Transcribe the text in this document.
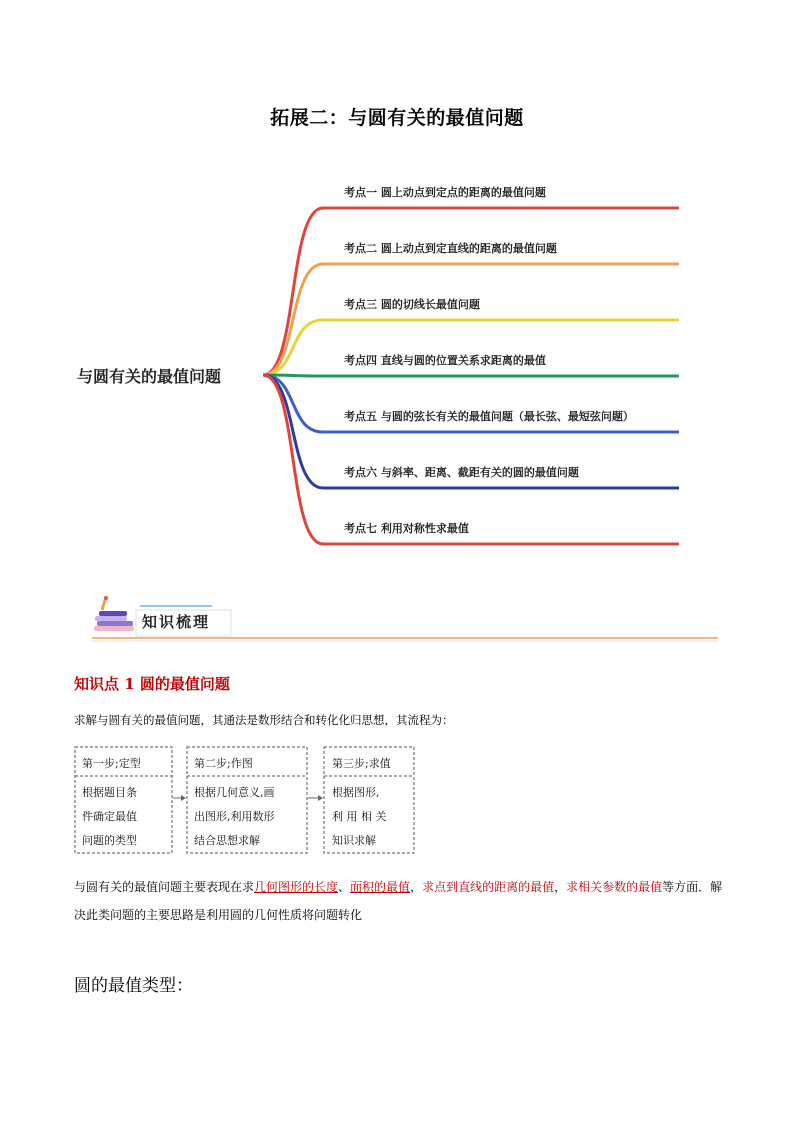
拓展二：与圆有关的最值问题
与圆有关的最值问题
考点一 圆上动点到定点的距离的最值问题
考点二 圆上动点到定直线的距离的最值问题
考点三 圆的切线长最值问题
考点四 直线与圆的位置关系求距离的最值
考点五 与圆的弦长有关的最值问题（最长弦、最短弦问题）
考点六 与斜率、距离、截距有关的圆的最值问题
考点七 利用对称性求最值
知识梳理
知识点 1 圆的最值问题
求解与圆有关的最值问题，其通法是数形结合和转化化归思想，其流程为：
第一步;定型
根据题目条
件确定最值
问题的类型
第二步;作图
根据几何意义,画
出图形,利用数形
结合思想求解
第三步;求值
根据图形,
利 用 相 关
知识求解
与圆有关的最值问题主要表现在求几何图形的长度、面积的最值，求点到直线的距离的最值，求相关参数的最值等方面．解决此类问题的主要思路是利用圆的几何性质将问题转化
圆的最值类型：
